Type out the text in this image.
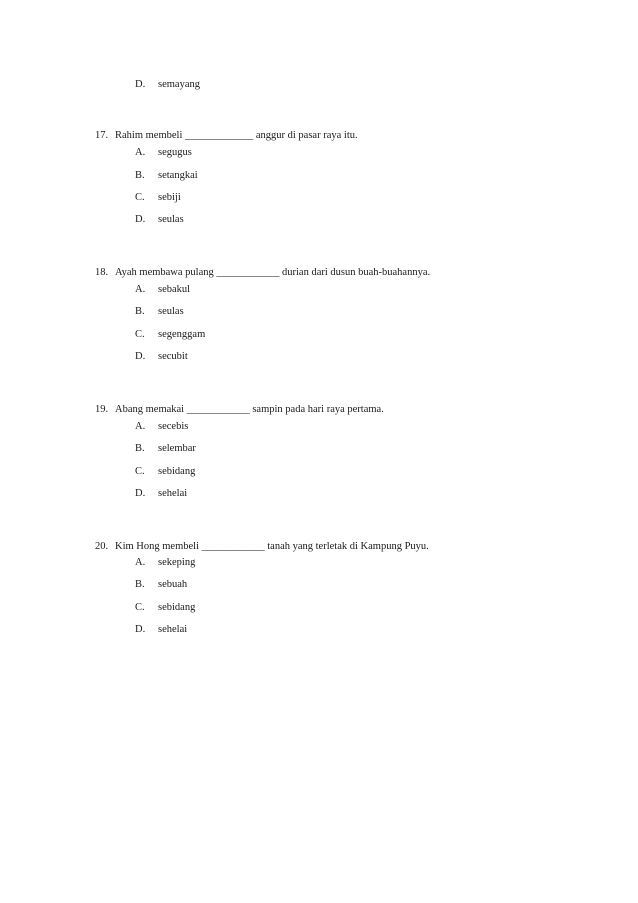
D. semayang
17. Rahim membeli _____________ anggur di pasar raya itu.
A. segugus
B. setangkai
C. sebiji
D. seulas
18. Ayah membawa pulang ____________ durian dari dusun buah-buahannya.
A. sebakul
B. seulas
C. segenggam
D. secubit
19. Abang memakai ____________ sampin pada hari raya pertama.
A. secebis
B. selembar
C. sebidang
D. sehelai
20. Kim Hong membeli ____________ tanah yang terletak di Kampung Puyu.
A. sekeping
B. sebuah
C. sebidang
D. sehelai
